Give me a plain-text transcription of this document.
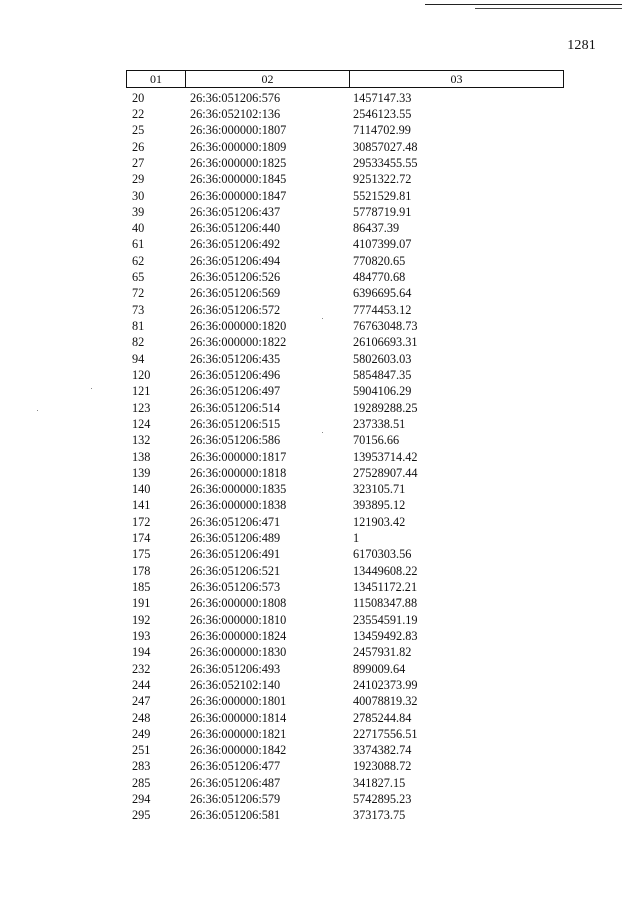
1281
01	02	03
20	26:36:051206:576	1457147.33
22	26:36:052102:136	2546123.55
25	26:36:000000:1807	7114702.99
26	26:36:000000:1809	30857027.48
27	26:36:000000:1825	29533455.55
29	26:36:000000:1845	9251322.72
30	26:36:000000:1847	5521529.81
39	26:36:051206:437	5778719.91
40	26:36:051206:440	86437.39
61	26:36:051206:492	4107399.07
62	26:36:051206:494	770820.65
65	26:36:051206:526	484770.68
72	26:36:051206:569	6396695.64
73	26:36:051206:572	7774453.12
81	26:36:000000:1820	76763048.73
82	26:36:000000:1822	26106693.31
94	26:36:051206:435	5802603.03
120	26:36:051206:496	5854847.35
121	26:36:051206:497	5904106.29
123	26:36:051206:514	19289288.25
124	26:36:051206:515	237338.51
132	26:36:051206:586	70156.66
138	26:36:000000:1817	13953714.42
139	26:36:000000:1818	27528907.44
140	26:36:000000:1835	323105.71
141	26:36:000000:1838	393895.12
172	26:36:051206:471	121903.42
174	26:36:051206:489	1
175	26:36:051206:491	6170303.56
178	26:36:051206:521	13449608.22
185	26:36:051206:573	13451172.21
191	26:36:000000:1808	11508347.88
192	26:36:000000:1810	23554591.19
193	26:36:000000:1824	13459492.83
194	26:36:000000:1830	2457931.82
232	26:36:051206:493	899009.64
244	26:36:052102:140	24102373.99
247	26:36:000000:1801	40078819.32
248	26:36:000000:1814	2785244.84
249	26:36:000000:1821	22717556.51
251	26:36:000000:1842	3374382.74
283	26:36:051206:477	1923088.72
285	26:36:051206:487	341827.15
294	26:36:051206:579	5742895.23
295	26:36:051206:581	373173.75
